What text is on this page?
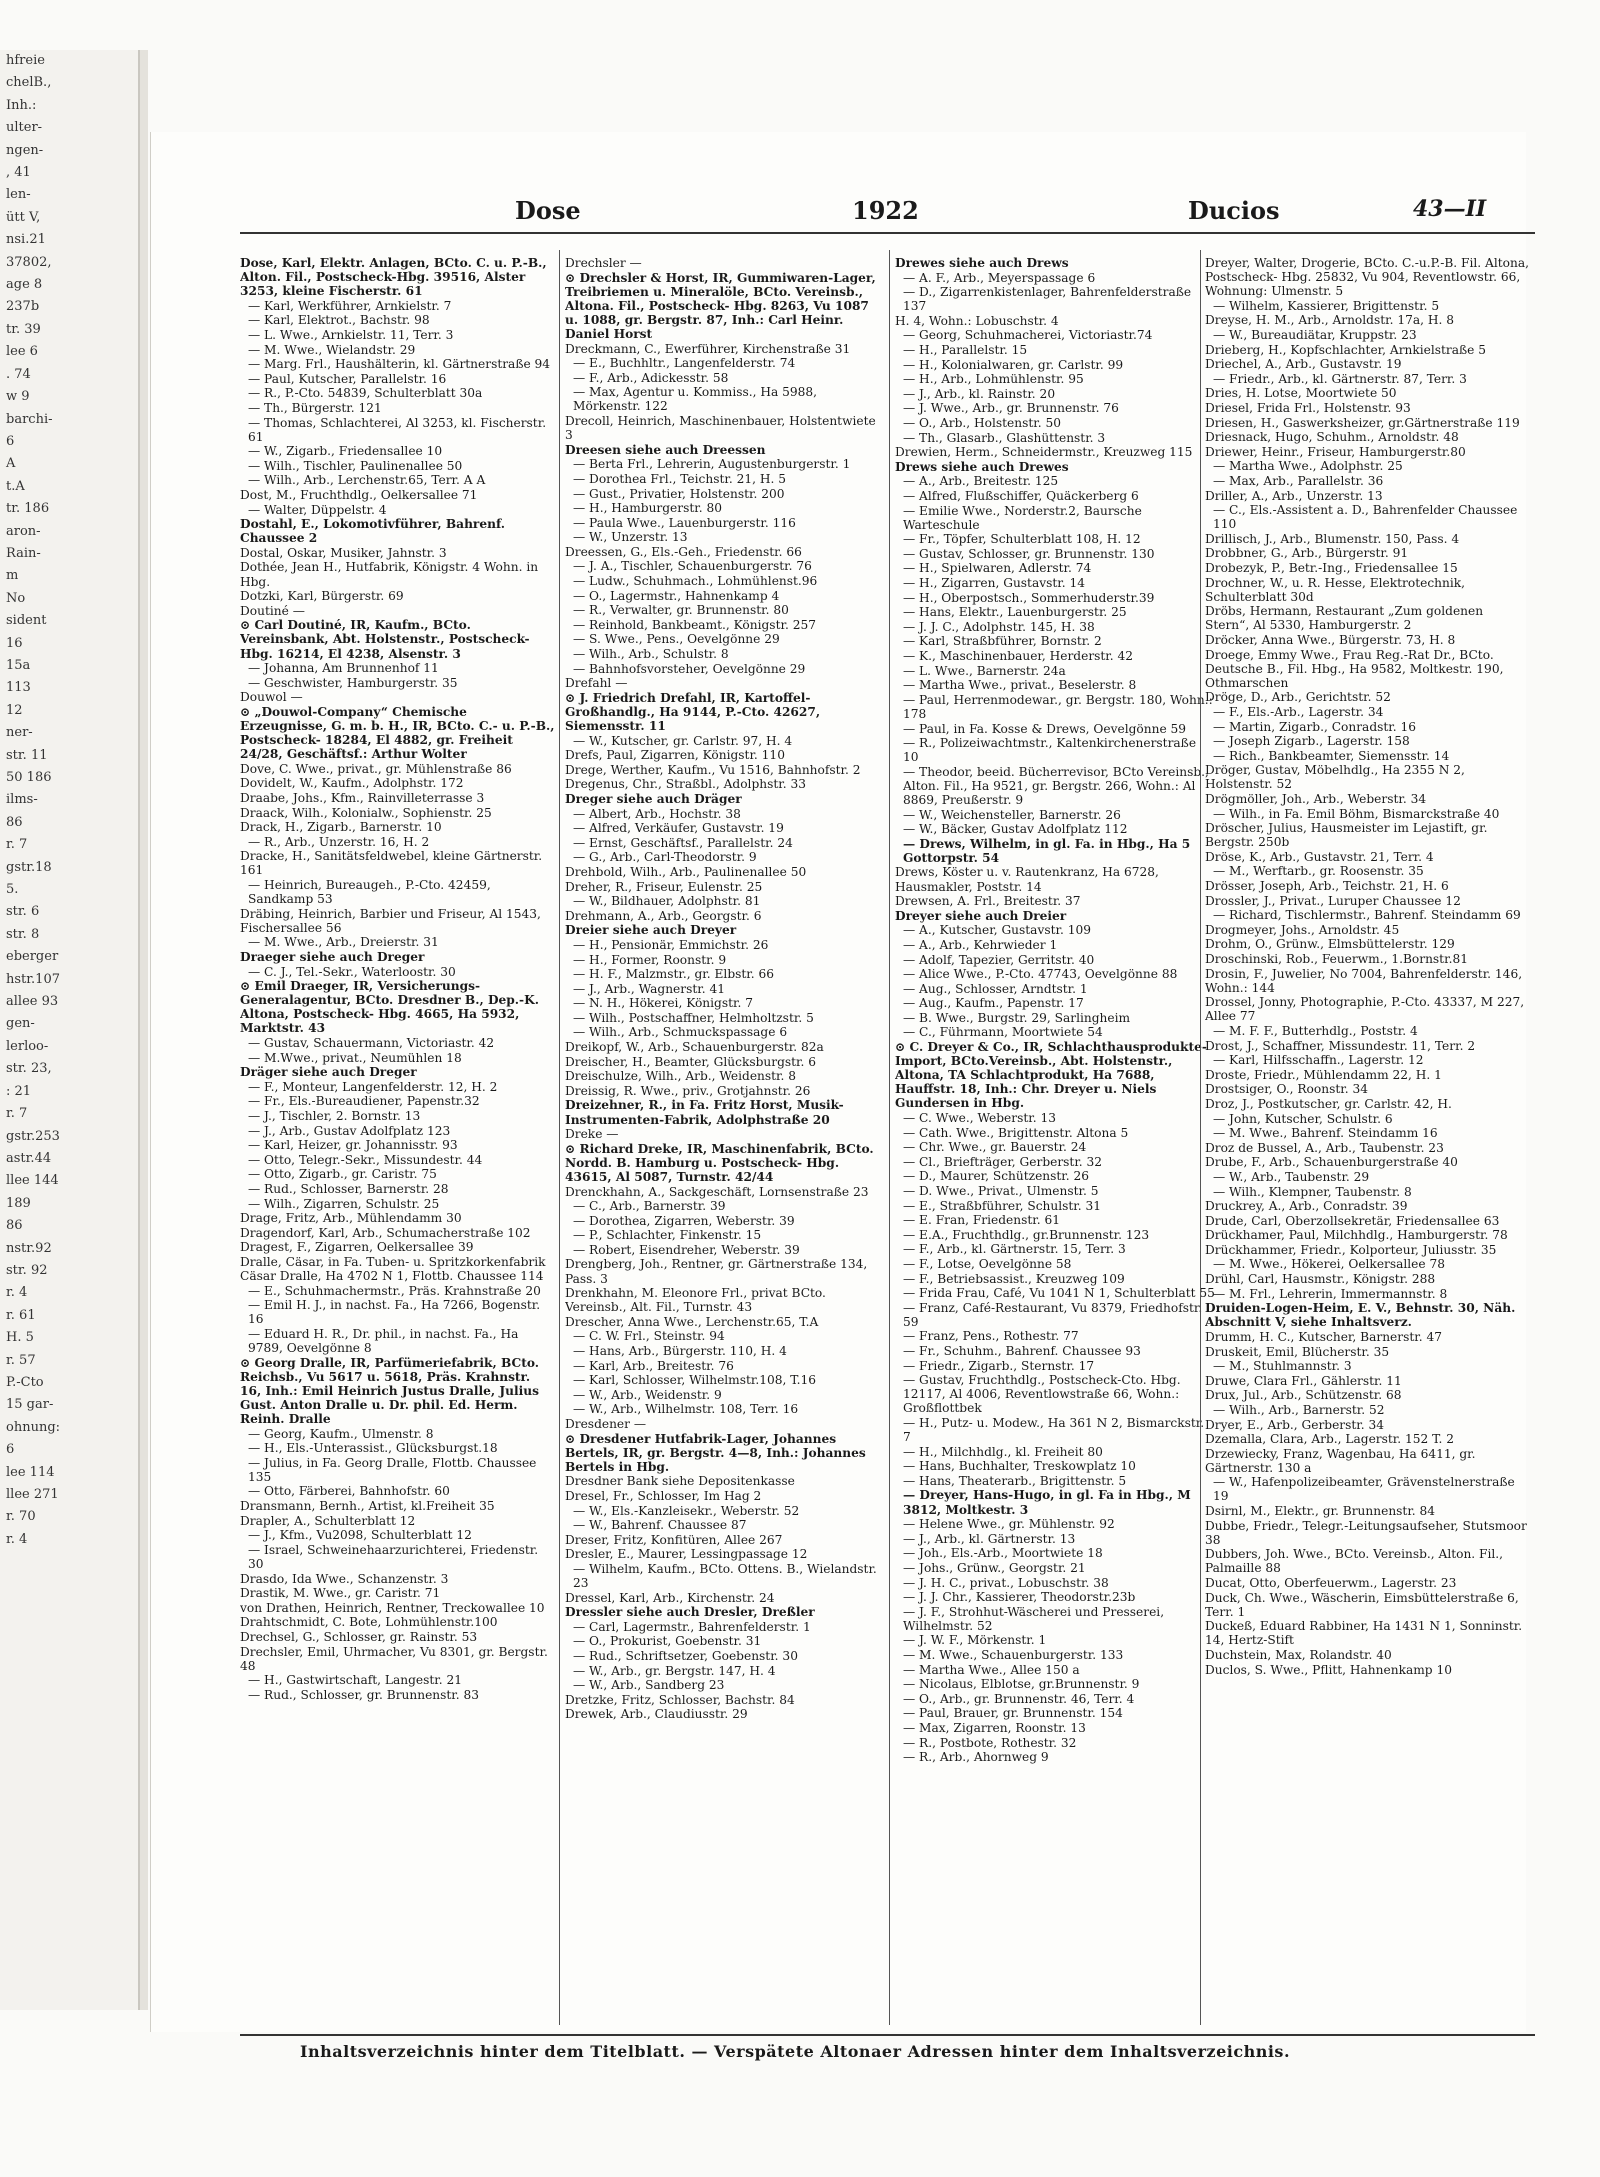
hfreie
chelB.,
Inh.:
ulter-
ngen-
, 41
len-
ütt V,
nsi.21
37802,
age 8
237b
tr. 39
lee 6
. 74
w 9
barchi-
6
A
t.A
tr. 186
aron-
Rain-
m
No
sident
16
15a
113
12
ner-
str. 11
50 186
ilms-
86
r. 7
gstr.18
5.
str. 6
str. 8
eberger
hstr.107
allee 93
gen-
lerloo-
str. 23,
: 21
r. 7
gstr.253
astr.44
llee 144
189
86
nstr.92
str. 92
r. 4
r. 61
H. 5
r. 57
P.-Cto
15 gar-
ohnung:
6
lee 114
llee 271
r. 70
r. 4
Dose	1922	Ducios	43—II
Dose, Karl, Elektr. Anlagen, BCto. C. u. P.-B., Alton. Fil., Postscheck-Hbg. 39516, Alster 3253, kleine Fischerstr. 61
— Karl, Werkführer, Arnkielstr. 7
— Karl, Elektrot., Bachstr. 98
— L. Wwe., Arnkielstr. 11, Terr. 3
— M. Wwe., Wielandstr. 29
— Marg. Frl., Haushälterin, kl. Gärtnerstraße 94
— Paul, Kutscher, Parallelstr. 16
— R., P.-Cto. 54839, Schulterblatt 30a
— Th., Bürgerstr. 121
— Thomas, Schlachterei, Al 3253, kl. Fischerstr. 61
— W., Zigarb., Friedensallee 10
— Wilh., Tischler, Paulinenallee 50
— Wilh., Arb., Lerchenstr.65, Terr. A A
Dost, M., Fruchthdlg., Oelkersallee 71
— Walter, Düppelstr. 4
Dostahl, E., Lokomotivführer, Bahrenf. Chaussee 2
Dostal, Oskar, Musiker, Jahnstr. 3
Dothée, Jean H., Hutfabrik, Königstr. 4 Wohn. in Hbg.
Dotzki, Karl, Bürgerstr. 69
Doutiné —
⊙ Carl Doutiné, IR, Kaufm., BCto. Vereinsbank, Abt. Holstenstr., Postscheck-Hbg. 16214, El 4238, Alsenstr. 3
— Johanna, Am Brunnenhof 11
— Geschwister, Hamburgerstr. 35
Douwol —
⊙ „Douwol-Company“ Chemische Erzeugnisse, G. m. b. H., IR, BCto. C.- u. P.-B., Postscheck- 18284, El 4882, gr. Freiheit 24/28, Geschäftsf.: Arthur Wolter
Dove, C. Wwe., privat., gr. Mühlenstraße 86
Dovidelt, W., Kaufm., Adolphstr. 172
Draabe, Johs., Kfm., Rainvilleterrasse 3
Draack, Wilh., Kolonialw., Sophienstr. 25
Drack, H., Zigarb., Barnerstr. 10
— R., Arb., Unzerstr. 16, H. 2
Dracke, H., Sanitätsfeldwebel, kleine Gärtnerstr. 161
— Heinrich, Bureaugeh., P.-Cto. 42459, Sandkamp 53
Dräbing, Heinrich, Barbier und Friseur, Al 1543, Fischersallee 56
— M. Wwe., Arb., Dreierstr. 31
Draeger siehe auch Dreger
— C. J., Tel.-Sekr., Waterloostr. 30
⊙ Emil Draeger, IR, Versicherungs-Generalagentur, BCto. Dresdner B., Dep.-K. Altona, Postscheck- Hbg. 4665, Ha 5932, Marktstr. 43
— Gustav, Schauermann, Victoriastr. 42
— M.Wwe., privat., Neumühlen 18
Dräger siehe auch Dreger
— F., Monteur, Langenfelderstr. 12, H. 2
— Fr., Els.-Bureaudiener, Papenstr.32
— J., Tischler, 2. Bornstr. 13
— J., Arb., Gustav Adolfplatz 123
— Karl, Heizer, gr. Johannisstr. 93
— Otto, Telegr.-Sekr., Missundestr. 44
— Otto, Zigarb., gr. Caristr. 75
— Rud., Schlosser, Barnerstr. 28
— Wilh., Zigarren, Schulstr. 25
Drage, Fritz, Arb., Mühlendamm 30
Dragendorf, Karl, Arb., Schumacherstraße 102
Dragest, F., Zigarren, Oelkersallee 39
Dralle, Cäsar, in Fa. Tuben- u. Spritzkorkenfabrik Cäsar Dralle, Ha 4702 N 1, Flottb. Chaussee 114
— E., Schuhmachermstr., Präs. Krahnstraße 20
— Emil H. J., in nachst. Fa., Ha 7266, Bogenstr. 16
— Eduard H. R., Dr. phil., in nachst. Fa., Ha 9789, Oevelgönne 8
⊙ Georg Dralle, IR, Parfümeriefabrik, BCto. Reichsb., Vu 5617 u. 5618, Präs. Krahnstr. 16, Inh.: Emil Heinrich Justus Dralle, Julius Gust. Anton Dralle u. Dr. phil. Ed. Herm. Reinh. Dralle
— Georg, Kaufm., Ulmenstr. 8
— H., Els.-Unterassist., Glücksburgst.18
— Julius, in Fa. Georg Dralle, Flottb. Chaussee 135
— Otto, Färberei, Bahnhofstr. 60
Dransmann, Bernh., Artist, kl.Freiheit 35
Drapler, A., Schulterblatt 12
— J., Kfm., Vu2098, Schulterblatt 12
— Israel, Schweinehaarzurichterei, Friedenstr. 30
Drasdo, Ida Wwe., Schanzenstr. 3
Drastik, M. Wwe., gr. Caristr. 71
von Drathen, Heinrich, Rentner, Treckowallee 10
Drahtschmidt, C. Bote, Lohmühlenstr.100
Drechsel, G., Schlosser, gr. Rainstr. 53
Drechsler, Emil, Uhrmacher, Vu 8301, gr. Bergstr. 48
— H., Gastwirtschaft, Langestr. 21
— Rud., Schlosser, gr. Brunnenstr. 83
Drechsler —
⊙ Drechsler & Horst, IR, Gummiwaren-Lager, Treibriemen u. Mineralöle, BCto. Vereinsb., Altona. Fil., Postscheck- Hbg. 8263, Vu 1087 u. 1088, gr. Bergstr. 87, Inh.: Carl Heinr. Daniel Horst
Dreckmann, C., Ewerführer, Kirchenstraße 31
— E., Buchhltr., Langenfelderstr. 74
— F., Arb., Adickesstr. 58
— Max, Agentur u. Kommiss., Ha 5988, Mörkenstr. 122
Drecoll, Heinrich, Maschinenbauer, Holstentwiete 3
Dreesen siehe auch Dreessen
— Berta Frl., Lehrerin, Augustenburgerstr. 1
— Dorothea Frl., Teichstr. 21, H. 5
— Gust., Privatier, Holstenstr. 200
— H., Hamburgerstr. 80
— Paula Wwe., Lauenburgerstr. 116
— W., Unzerstr. 13
Dreessen, G., Els.-Geh., Friedenstr. 66
— J. A., Tischler, Schauenburgerstr. 76
— Ludw., Schuhmach., Lohmühlenst.96
— O., Lagermstr., Hahnenkamp 4
— R., Verwalter, gr. Brunnenstr. 80
— Reinhold, Bankbeamt., Königstr. 257
— S. Wwe., Pens., Oevelgönne 29
— Wilh., Arb., Schulstr. 8
— Bahnhofsvorsteher, Oevelgönne 29
Drefahl —
⊙ J. Friedrich Drefahl, IR, Kartoffel-Großhandlg., Ha 9144, P.-Cto. 42627, Siemensstr. 11
— W., Kutscher, gr. Carlstr. 97, H. 4
Drefs, Paul, Zigarren, Königstr. 110
Drege, Werther, Kaufm., Vu 1516, Bahnhofstr. 2
Dregenus, Chr., Straßbl., Adolphstr. 33
Dreger siehe auch Dräger
— Albert, Arb., Hochstr. 38
— Alfred, Verkäufer, Gustavstr. 19
— Ernst, Geschäftsf., Parallelstr. 24
— G., Arb., Carl-Theodorstr. 9
Drehbold, Wilh., Arb., Paulinenallee 50
Dreher, R., Friseur, Eulenstr. 25
— W., Bildhauer, Adolphstr. 81
Drehmann, A., Arb., Georgstr. 6
Dreier siehe auch Dreyer
— H., Pensionär, Emmichstr. 26
— H., Former, Roonstr. 9
— H. F., Malzmstr., gr. Elbstr. 66
— J., Arb., Wagnerstr. 41
— N. H., Hökerei, Königstr. 7
— Wilh., Postschaffner, Helmholtzstr. 5
— Wilh., Arb., Schmuckspassage 6
Dreikopf, W., Arb., Schauenburgerstr. 82a
Dreischer, H., Beamter, Glücksburgstr. 6
Dreischulze, Wilh., Arb., Weidenstr. 8
Dreissig, R. Wwe., priv., Grotjahnstr. 26
Dreizehner, R., in Fa. Fritz Horst, Musik-Instrumenten-Fabrik, Adolphstraße 20
Dreke —
⊙ Richard Dreke, IR, Maschinenfabrik, BCto. Nordd. B. Hamburg u. Postscheck- Hbg. 43615, Al 5087, Turnstr. 42/44
Drenckhahn, A., Sackgeschäft, Lornsenstraße 23
— C., Arb., Barnerstr. 39
— Dorothea, Zigarren, Weberstr. 39
— P., Schlachter, Finkenstr. 15
— Robert, Eisendreher, Weberstr. 39
Drengberg, Joh., Rentner, gr. Gärtnerstraße 134, Pass. 3
Drenkhahn, M. Eleonore Frl., privat BCto. Vereinsb., Alt. Fil., Turnstr. 43
Drescher, Anna Wwe., Lerchenstr.65, T.A
— C. W. Frl., Steinstr. 94
— Hans, Arb., Bürgerstr. 110, H. 4
— Karl, Arb., Breitestr. 76
— Karl, Schlosser, Wilhelmstr.108, T.16
— W., Arb., Weidenstr. 9
— W., Arb., Wilhelmstr. 108, Terr. 16
Dresdener —
⊙ Dresdener Hutfabrik-Lager, Johannes Bertels, IR, gr. Bergstr. 4—8, Inh.: Johannes Bertels in Hbg.
Dresdner Bank siehe Depositenkasse
Dresel, Fr., Schlosser, Im Hag 2
— W., Els.-Kanzleisekr., Weberstr. 52
— W., Bahrenf. Chaussee 87
Dreser, Fritz, Konfitüren, Allee 267
Dresler, E., Maurer, Lessingpassage 12
— Wilhelm, Kaufm., BCto. Ottens. B., Wielandstr. 23
Dressel, Karl, Arb., Kirchenstr. 24
Dressler siehe auch Dresler, Dreßler
— Carl, Lagermstr., Bahrenfelderstr. 1
— O., Prokurist, Goebenstr. 31
— Rud., Schriftsetzer, Goebenstr. 30
— W., Arb., gr. Bergstr. 147, H. 4
— W., Arb., Sandberg 23
Dretzke, Fritz, Schlosser, Bachstr. 84
Drewek, Arb., Claudiusstr. 29
Drewes siehe auch Drews
— A. F., Arb., Meyerspassage 6
— D., Zigarrenkistenlager, Bahrenfelderstraße 137
H. 4, Wohn.: Lobuschstr. 4
— Georg, Schuhmacherei, Victoriastr.74
— H., Parallelstr. 15
— H., Kolonialwaren, gr. Carlstr. 99
— H., Arb., Lohmühlenstr. 95
— J., Arb., kl. Rainstr. 20
— J. Wwe., Arb., gr. Brunnenstr. 76
— O., Arb., Holstenstr. 50
— Th., Glasarb., Glashüttenstr. 3
Drewien, Herm., Schneidermstr., Kreuzweg 115
Drews siehe auch Drewes
— A., Arb., Breitestr. 125
— Alfred, Flußschiffer, Quäckerberg 6
— Emilie Wwe., Norderstr.2, Baursche Warteschule
— Fr., Töpfer, Schulterblatt 108, H. 12
— Gustav, Schlosser, gr. Brunnenstr. 130
— H., Spielwaren, Adlerstr. 74
— H., Zigarren, Gustavstr. 14
— H., Oberpostsch., Sommerhuderstr.39
— Hans, Elektr., Lauenburgerstr. 25
— J. J. C., Adolphstr. 145, H. 38
— Karl, Straßbführer, Bornstr. 2
— K., Maschinenbauer, Herderstr. 42
— L. Wwe., Barnerstr. 24a
— Martha Wwe., privat., Beselerstr. 8
— Paul, Herrenmodewar., gr. Bergstr. 180, Wohn.: 178
— Paul, in Fa. Kosse & Drews, Oevelgönne 59
— R., Polizeiwachtmstr., Kaltenkirchenerstraße 10
— Theodor, beeid. Bücherrevisor, BCto Vereinsb., Alton. Fil., Ha 9521, gr. Bergstr. 266, Wohn.: Al 8869, Preußerstr. 9
— W., Weichensteller, Barnerstr. 26
— W., Bäcker, Gustav Adolfplatz 112
— Drews, Wilhelm, in gl. Fa. in Hbg., Ha 5 Gottorpstr. 54
Drews, Köster u. v. Rautenkranz, Ha 6728, Hausmakler, Poststr. 14
Drewsen, A. Frl., Breitestr. 37
Dreyer siehe auch Dreier
— A., Kutscher, Gustavstr. 109
— A., Arb., Kehrwieder 1
— Adolf, Tapezier, Gerritstr. 40
— Alice Wwe., P.-Cto. 47743, Oevelgönne 88
— Aug., Schlosser, Arndtstr. 1
— Aug., Kaufm., Papenstr. 17
— B. Wwe., Burgstr. 29, Sarlingheim
— C., Führmann, Moortwiete 54
⊙ C. Dreyer & Co., IR, Schlachthausprodukte-Import, BCto.Vereinsb., Abt. Holstenstr., Altona, TA Schlachtprodukt, Ha 7688, Hauffstr. 18, Inh.: Chr. Dreyer u. Niels Gundersen in Hbg.
— C. Wwe., Weberstr. 13
— Cath. Wwe., Brigittenstr. Altona 5
— Chr. Wwe., gr. Bauerstr. 24
— Cl., Briefträger, Gerberstr. 32
— D., Maurer, Schützenstr. 26
— D. Wwe., Privat., Ulmenstr. 5
— E., Straßbführer, Schulstr. 31
— E. Fran, Friedenstr. 61
— E.A., Fruchthdlg., gr.Brunnenstr. 123
— F., Arb., kl. Gärtnerstr. 15, Terr. 3
— F., Lotse, Oevelgönne 58
— F., Betriebsassist., Kreuzweg 109
— Frida Frau, Café, Vu 1041 N 1, Schulterblatt 55
— Franz, Café-Restaurant, Vu 8379, Friedhofstr. 59
— Franz, Pens., Rothestr. 77
— Fr., Schuhm., Bahrenf. Chaussee 93
— Friedr., Zigarb., Sternstr. 17
— Gustav, Fruchthdlg., Postscheck-Cto. Hbg. 12117, Al 4006, Reventlowstraße 66, Wohn.: Großflottbek
— H., Putz- u. Modew., Ha 361 N 2, Bismarckstr. 7
— H., Milchhdlg., kl. Freiheit 80
— Hans, Buchhalter, Treskowplatz 10
— Hans, Theaterarb., Brigittenstr. 5
— Dreyer, Hans-Hugo, in gl. Fa in Hbg., M 3812, Moltkestr. 3
— Helene Wwe., gr. Mühlenstr. 92
— J., Arb., kl. Gärtnerstr. 13
— Joh., Els.-Arb., Moortwiete 18
— Johs., Grünw., Georgstr. 21
— J. H. C., privat., Lobuschstr. 38
— J. J. Chr., Kassierer, Theodorstr.23b
— J. F., Strohhut-Wäscherei und Presserei, Wilhelmstr. 52
— J. W. F., Mörkenstr. 1
— M. Wwe., Schauenburgerstr. 133
— Martha Wwe., Allee 150 a
— Nicolaus, Elblotse, gr.Brunnenstr. 9
— O., Arb., gr. Brunnenstr. 46, Terr. 4
— Paul, Brauer, gr. Brunnenstr. 154
— Max, Zigarren, Roonstr. 13
— R., Postbote, Rothestr. 32
— R., Arb., Ahornweg 9
Dreyer, Walter, Drogerie, BCto. C.-u.P.-B. Fil. Altona, Postscheck- Hbg. 25832, Vu 904, Reventlowstr. 66, Wohnung: Ulmenstr. 5
— Wilhelm, Kassierer, Brigittenstr. 5
Dreyse, H. M., Arb., Arnoldstr. 17a, H. 8
— W., Bureaudiätar, Kruppstr. 23
Drieberg, H., Kopfschlachter, Arnkielstraße 5
Driechel, A., Arb., Gustavstr. 19
— Friedr., Arb., kl. Gärtnerstr. 87, Terr. 3
Dries, H. Lotse, Moortwiete 50
Driesel, Frida Frl., Holstenstr. 93
Driesen, H., Gaswerksheizer, gr.Gärtnerstraße 119
Driesnack, Hugo, Schuhm., Arnoldstr. 48
Driewer, Heinr., Friseur, Hamburgerstr.80
— Martha Wwe., Adolphstr. 25
— Max, Arb., Parallelstr. 36
Driller, A., Arb., Unzerstr. 13
— C., Els.-Assistent a. D., Bahrenfelder Chaussee 110
Drillisch, J., Arb., Blumenstr. 150, Pass. 4
Drobbner, G., Arb., Bürgerstr. 91
Drobezyk, P., Betr.-Ing., Friedensallee 15
Drochner, W., u. R. Hesse, Elektrotechnik, Schulterblatt 30d
Dröbs, Hermann, Restaurant „Zum goldenen Stern“, Al 5330, Hamburgerstr. 2
Dröcker, Anna Wwe., Bürgerstr. 73, H. 8
Droege, Emmy Wwe., Frau Reg.-Rat Dr., BCto. Deutsche B., Fil. Hbg., Ha 9582, Moltkestr. 190, Othmarschen
Dröge, D., Arb., Gerichtstr. 52
— F., Els.-Arb., Lagerstr. 34
— Martin, Zigarb., Conradstr. 16
— Joseph Zigarb., Lagerstr. 158
— Rich., Bankbeamter, Siemensstr. 14
Dröger, Gustav, Möbelhdlg., Ha 2355 N 2, Holstenstr. 52
Drögmöller, Joh., Arb., Weberstr. 34
— Wilh., in Fa. Emil Böhm, Bismarckstraße 40
Dröscher, Julius, Hausmeister im Lejastift, gr. Bergstr. 250b
Dröse, K., Arb., Gustavstr. 21, Terr. 4
— M., Werftarb., gr. Roosenstr. 35
Drösser, Joseph, Arb., Teichstr. 21, H. 6
Drossler, J., Privat., Luruper Chaussee 12
— Richard, Tischlermstr., Bahrenf. Steindamm 69
Drogmeyer, Johs., Arnoldstr. 45
Drohm, O., Grünw., Elmsbüttelerstr. 129
Droschinski, Rob., Feuerwm., 1.Bornstr.81
Drosin, F., Juwelier, No 7004, Bahrenfelderstr. 146, Wohn.: 144
Drossel, Jonny, Photographie, P.-Cto. 43337, M 227, Allee 77
— M. F. F., Butterhdlg., Poststr. 4
Drost, J., Schaffner, Missundestr. 11, Terr. 2
— Karl, Hilfsschaffn., Lagerstr. 12
Droste, Friedr., Mühlendamm 22, H. 1
Drostsiger, O., Roonstr. 34
Droz, J., Postkutscher, gr. Carlstr. 42, H.
— John, Kutscher, Schulstr. 6
— M. Wwe., Bahrenf. Steindamm 16
Droz de Bussel, A., Arb., Taubenstr. 23
Drube, F., Arb., Schauenburgerstraße 40
— W., Arb., Taubenstr. 29
— Wilh., Klempner, Taubenstr. 8
Druckrey, A., Arb., Conradstr. 39
Drude, Carl, Oberzollsekretär, Friedensallee 63
Drückhamer, Paul, Milchhdlg., Hamburgerstr. 78
Drückhammer, Friedr., Kolporteur, Juliusstr. 35
— M. Wwe., Hökerei, Oelkersallee 78
Drühl, Carl, Hausmstr., Königstr. 288
— M. Frl., Lehrerin, Immermannstr. 8
Druiden-Logen-Heim, E. V., Behnstr. 30, Näh. Abschnitt V, siehe Inhaltsverz.
Drumm, H. C., Kutscher, Barnerstr. 47
Druskeit, Emil, Blücherstr. 35
— M., Stuhlmannstr. 3
Druwe, Clara Frl., Gählerstr. 11
Drux, Jul., Arb., Schützenstr. 68
— Wilh., Arb., Barnerstr. 52
Dryer, E., Arb., Gerberstr. 34
Dzemalla, Clara, Arb., Lagerstr. 152 T. 2
Drzewiecky, Franz, Wagenbau, Ha 6411, gr. Gärtnerstr. 130 a
— W., Hafenpolizeibeamter, Grävenstelnerstraße 19
Dsirnl, M., Elektr., gr. Brunnenstr. 84
Dubbe, Friedr., Telegr.-Leitungsaufseher, Stutsmoor 38
Dubbers, Joh. Wwe., BCto. Vereinsb., Alton. Fil., Palmaille 88
Ducat, Otto, Oberfeuerwm., Lagerstr. 23
Duck, Ch. Wwe., Wäscherin, Eimsbüttelerstraße 6, Terr. 1
Duckeß, Eduard Rabbiner, Ha 1431 N 1, Sonninstr. 14, Hertz-Stift
Duchstein, Max, Rolandstr. 40
Duclos, S. Wwe., Pflitt, Hahnenkamp 10
Inhaltsverzeichnis hinter dem Titelblatt. — Verspätete Altonaer Adressen hinter dem Inhaltsverzeichnis.
